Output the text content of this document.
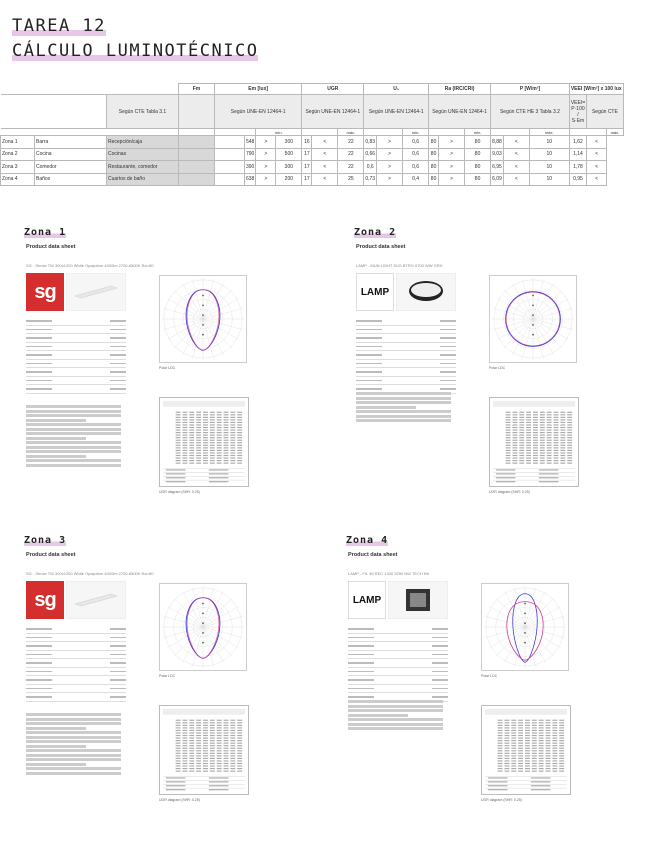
TAREA 12
CÁLCULO LUMINOTÉCNICO
			Fm	Em [lux]				UGR			U₀			Ra (IRC/CRI)			P [W/m²]			VEEI [W/m²] x 100 lux		
		Según CTE Tabla 3.1		Según UNE-EN 12464-1				Según UNE-EN 12464-1			Según UNE-EN 12464-1			Según UNE-EN 12464-1			Según CTE HE 3 Tabla 3.2			VEEI= P·100 / S·Em	Según CTE	
						mín.				máx.			mín.			mín.			máx.			máx.
Zona 1	Barra	Recepción/caja			548	>	300	16	<	22	0,83	>	0,6	80	>	80	8,88	<	10	1,62	<	
Zona 2	Cocina	Cocinas			790	>	500	17	<	22	0,66	>	0,6	80	>	80	9,03	<	10	1,14	<	
Zona 3	Comedor	Restaurante, comedor			390	>	300	17	<	22	0,6	>	0,6	80	>	80	6,95	<	10	1,78	<	
Zona 4	Baños	Cuartos de baño			638	>	200	17	<	25	0,73	>	0,4	80	>	80	6,09	<	10	0,95	<	
Zona 1
Product data sheet
SG - Sense TW 300x1200 White Opalprism 4000lm 2700-6500K Ra>80
sg
Polar LDC
UGR diagram (SHR: 0.25)
Zona 2
Product data sheet
LAMP - MUN LIGHT SUS BTRG 6700 WW GRH
LAMP
Polar LDC
UGR diagram (SHR: 0.25)
Zona 3
Product data sheet
SG - Sense TW 300x1200 White Opalprism 4000lm 2700-6500K Ra>80
sg
Polar LDC
UGR diagram (SHR: 0.25)
Zona 4
Product data sheet
LAMP - FIL 45 REC 1400 3250 NW TECH BK
LAMP
Polar LDC
UGR diagram (SHR: 0.25)
